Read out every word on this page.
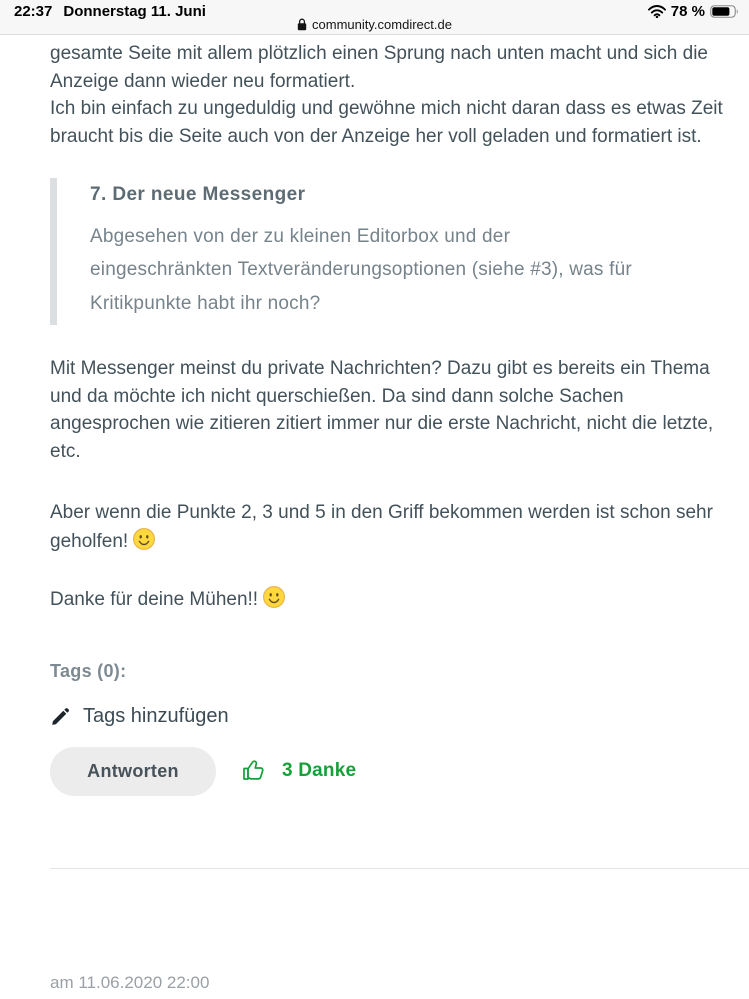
22:37 Donnerstag 11. Juni	78 %
community.comdirect.de

gesamte Seite mit allem plötzlich einen Sprung nach unten macht und sich die Anzeige dann wieder neu formatiert.
Ich bin einfach zu ungeduldig und gewöhne mich nicht daran dass es etwas Zeit braucht bis die Seite auch von der Anzeige her voll geladen und formatiert ist.

7. Der neue Messenger

Abgesehen von der zu kleinen Editorbox und der eingeschränkten Textveränderungsoptionen (siehe #3), was für Kritikpunkte habt ihr noch?

Mit Messenger meinst du private Nachrichten? Dazu gibt es bereits ein Thema und da möchte ich nicht querschießen. Da sind dann solche Sachen angesprochen wie zitieren zitiert immer nur die erste Nachricht, nicht die letzte, etc.

Aber wenn die Punkte 2, 3 und 5 in den Griff bekommen werden ist schon sehr geholfen!

Danke für deine Mühen!!

Tags (0):
Tags hinzufügen
Antworten	3 Danke
am 11.06.2020 22:00
